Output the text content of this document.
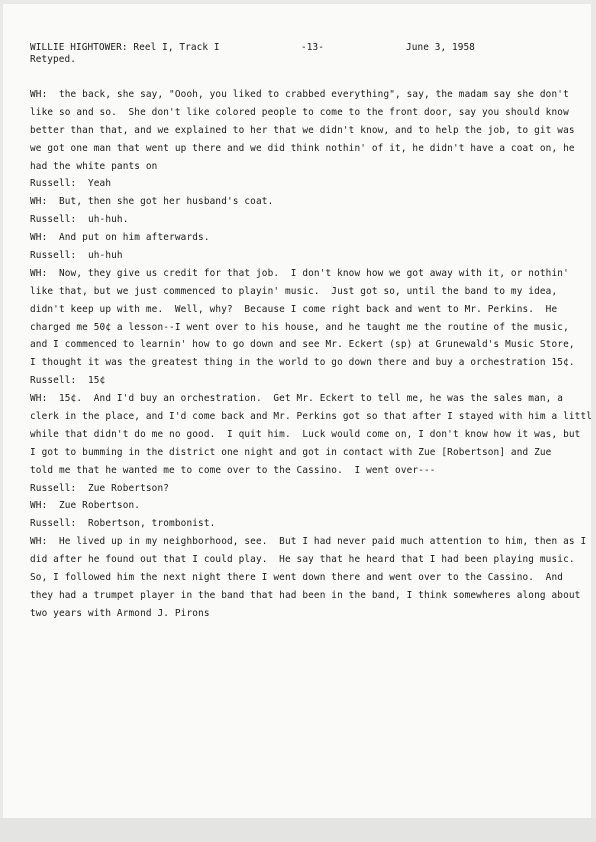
WILLIE HIGHTOWER: Reel I, Track I	-13-	June 3, 1958
Retyped.
WH:  the back, she say, "Oooh, you liked to crabbed everything", say, the madam say she don't
like so and so.  She don't like colored people to come to the front door, say you should know
better than that, and we explained to her that we didn't know, and to help the job, to git was
we got one man that went up there and we did think nothin' of it, he didn't have a coat on, he
had the white pants on
Russell:  Yeah
WH:  But, then she got her husband's coat.
Russell:  uh-huh.
WH:  And put on him afterwards.
Russell:  uh-huh
WH:  Now, they give us credit for that job.  I don't know how we got away with it, or nothin'
like that, but we just commenced to playin' music.  Just got so, until the band to my idea,
didn't keep up with me.  Well, why?  Because I come right back and went to Mr. Perkins.  He
charged me 50¢ a lesson--I went over to his house, and he taught me the routine of the music,
and I commenced to learnin' how to go down and see Mr. Eckert (sp) at Grunewald's Music Store,
I thought it was the greatest thing in the world to go down there and buy a orchestration 15¢.
Russell:  15¢
WH:  15¢.  And I'd buy an orchestration.  Get Mr. Eckert to tell me, he was the sales man, a
clerk in the place, and I'd come back and Mr. Perkins got so that after I stayed with him a littl
while that didn't do me no good.  I quit him.  Luck would come on, I don't know how it was, but
I got to bumming in the district one night and got in contact with Zue [Robertson] and Zue
told me that he wanted me to come over to the Cassino.  I went over---
Russell:  Zue Robertson?
WH:  Zue Robertson.
Russell:  Robertson, trombonist.
WH:  He lived up in my neighborhood, see.  But I had never paid much attention to him, then as I
did after he found out that I could play.  He say that he heard that I had been playing music.
So, I followed him the next night there I went down there and went over to the Cassino.  And
they had a trumpet player in the band that had been in the band, I think somewheres along about
two years with Armond J. Pirons
